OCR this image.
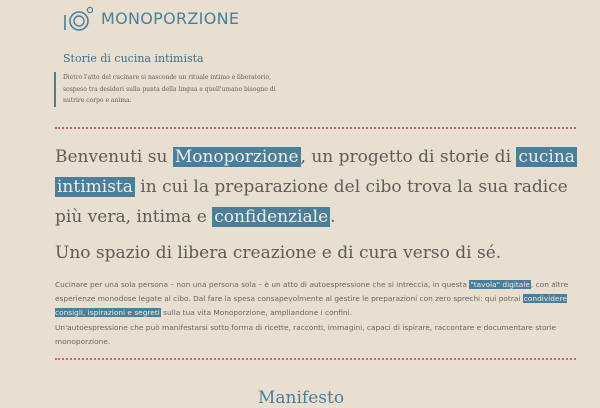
MONOPORZIONE
Storie di cucina intimista
Dietro l'atto del cucinare si nasconde un rituale intimo e liberatorio, sospeso tra desideri sulla punta della lingua e quell'umano bisogno di nutrire corpo e anima.
Benvenuti su Monoporzione , un progetto di storie di cucina
intimista in cui la preparazione del cibo trova la sua radice più vera, intima e confidenziale .
Uno spazio di libera creazione e di cura verso di sé.
Cucinare per una sola persona – non una persona sola – è un atto di autoespressione che si intreccia, in questa "tavola" digitale, con altre esperienze monodose legate al cibo. Dal fare la spesa consapevolmente al gestire le preparazioni con zero sprechi: qui potrai condividere consigli, ispirazioni e segreti sulla tua vita Monoporzione, ampliandone i confini.
Un'autoespressione che può manifestarsi sotto forma di ricette, racconti, immagini, capaci di ispirare, raccontare e documentare storie monoporzione.
Manifesto
